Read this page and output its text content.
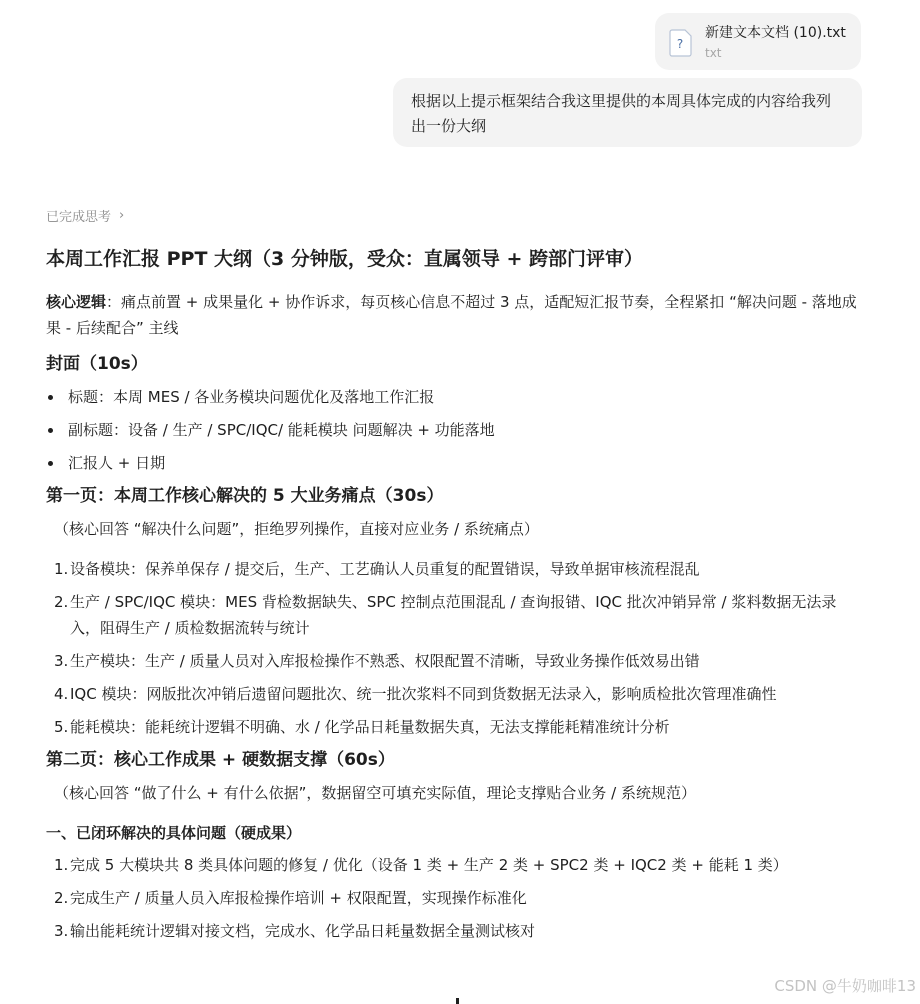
?
新建文本文档 (10).txt
txt
根据以上提示框架结合我这里提供的本周具体完成的内容给我列出一份大纲
已完成思考 ›
本周工作汇报 PPT 大纲（3 分钟版，受众：直属领导 + 跨部门评审）

核心逻辑：痛点前置 + 成果量化 + 协作诉求，每页核心信息不超过 3 点，适配短汇报节奏，全程紧扣 “解决问题 - 落地成果 - 后续配合” 主线

封面（10s）
标题：本周 MES / 各业务模块问题优化及落地工作汇报
副标题：设备 / 生产 / SPC/IQC/ 能耗模块 问题解决 + 功能落地
汇报人 + 日期
第一页：本周工作核心解决的 5 大业务痛点（30s）

（核心回答 “解决什么问题”，拒绝罗列操作，直接对应业务 / 系统痛点）

1. 设备模块：保养单保存 / 提交后，生产、工艺确认人员重复的配置错误，导致单据审核流程混乱
2. 生产 / SPC/IQC 模块：MES 背检数据缺失、SPC 控制点范围混乱 / 查询报错、IQC 批次冲销异常 / 浆料数据无法录入，阻碍生产 / 质检数据流转与统计
3. 生产模块：生产 / 质量人员对入库报检操作不熟悉、权限配置不清晰，导致业务操作低效易出错
4. IQC 模块：网版批次冲销后遗留问题批次、统一批次浆料不同到货数据无法录入，影响质检批次管理准确性
5. 能耗模块：能耗统计逻辑不明确、水 / 化学品日耗量数据失真，无法支撑能耗精准统计分析
第二页：核心工作成果 + 硬数据支撑（60s）

（核心回答 “做了什么 + 有什么依据”，数据留空可填充实际值，理论支撑贴合业务 / 系统规范）

一、已闭环解决的具体问题（硬成果）
1. 完成 5 大模块共 8 类具体问题的修复 / 优化（设备 1 类 + 生产 2 类 + SPC2 类 + IQC2 类 + 能耗 1 类）
2. 完成生产 / 质量人员入库报检操作培训 + 权限配置，实现操作标准化
3. 输出能耗统计逻辑对接文档，完成水、化学品日耗量数据全量测试核对
CSDN @牛奶咖啡13
